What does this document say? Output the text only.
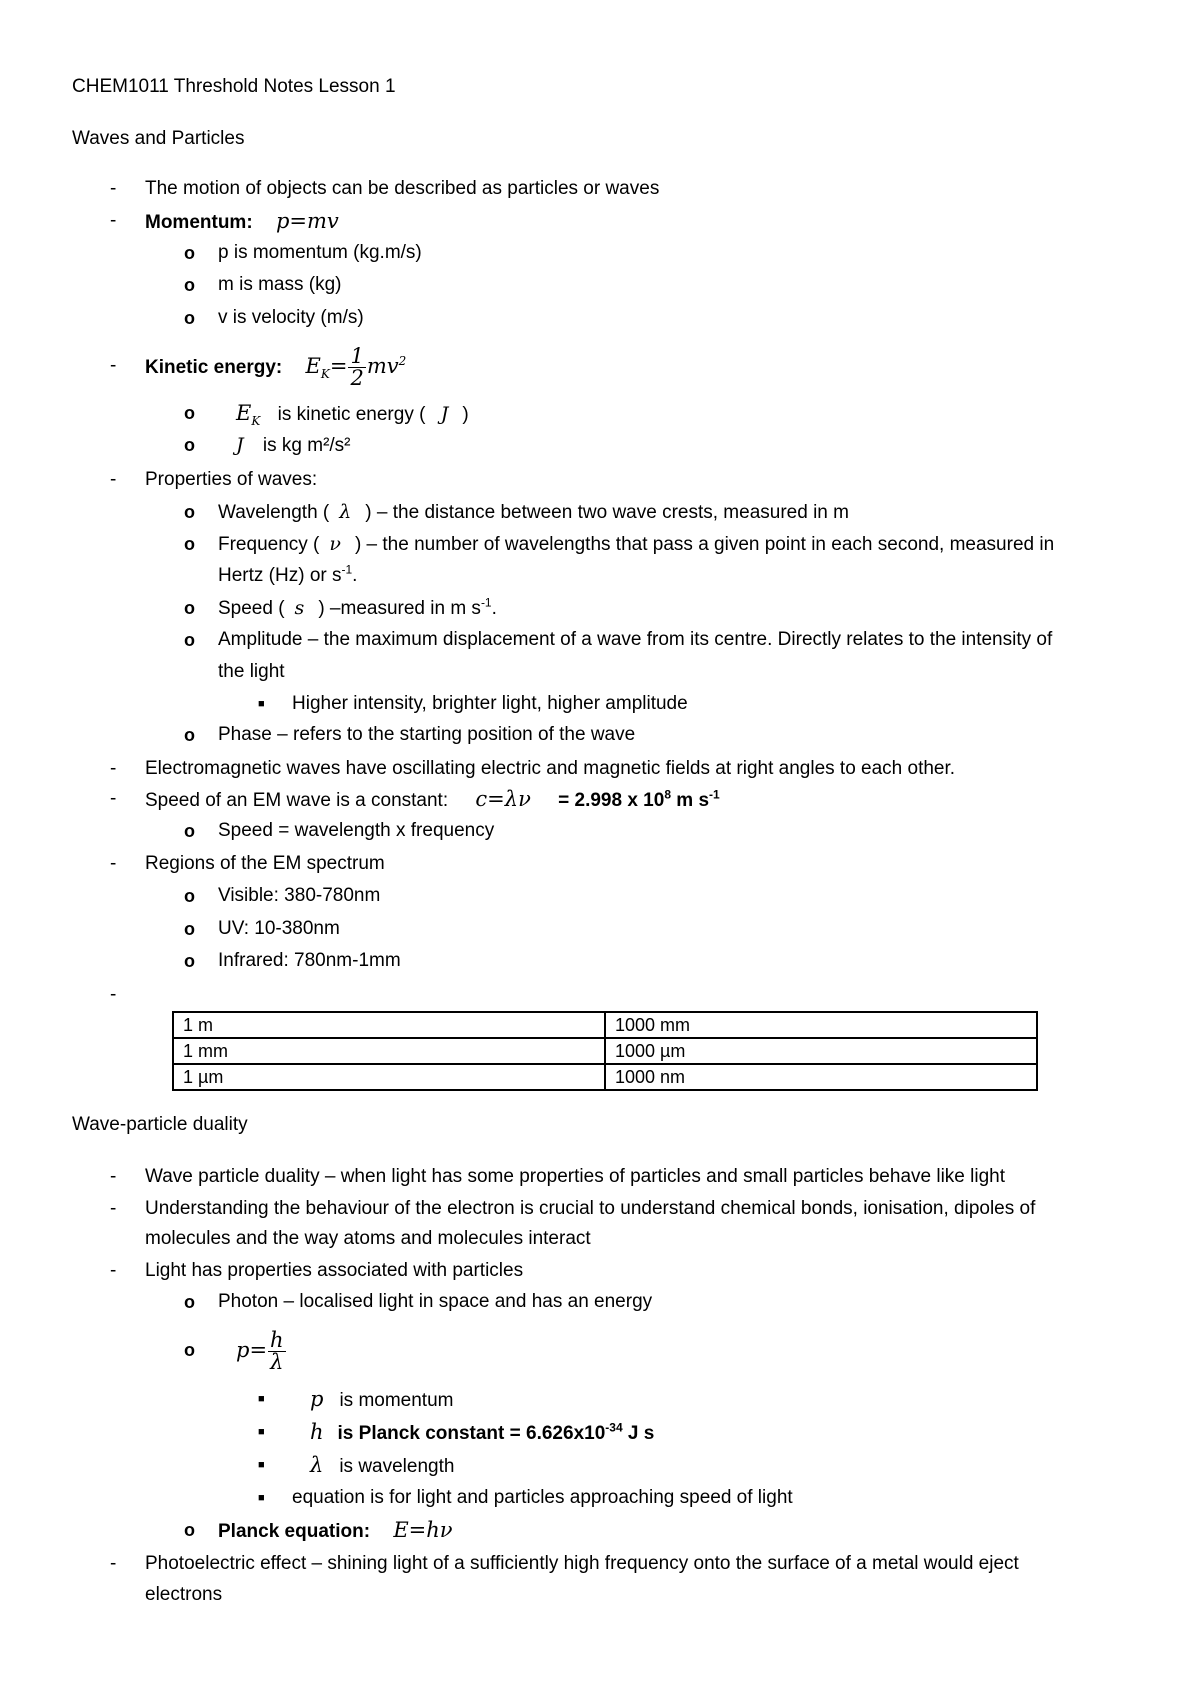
CHEM1011 Threshold Notes Lesson 1
Waves and Particles
- The motion of objects can be described as particles or waves
- Momentum: p=mv
o p is momentum (kg.m/s)
o m is mass (kg)
o v is velocity (m/s)
- Kinetic energy: $E_K= \frac{1}{2} mv^2$
o	$E_K$ is kinetic energy ( J )
o	J is kg m²/s²
- Properties of waves:
o Wavelength ( λ ) – the distance between two wave crests, measured in m
o Frequency ( ν ) – the number of wavelengths that pass a given point in each second, measured in
Hertz (Hz) or $s^{-1}$.
o Speed ( s ) –measured in m $s^{-1}$.
o Amplitude – the maximum displacement of a wave from its centre. Directly relates to the intensity of
the light
■ Higher intensity, brighter light, higher amplitude
o Phase – refers to the starting position of the wave
- Electromagnetic waves have oscillating electric and magnetic fields at right angles to each other.
- Speed of an EM wave is a constant: c=λν = 2.998 x $10^8$ m $s^{-1}$
o Speed = wavelength x frequency
- Regions of the EM spectrum
o Visible: 380-780nm
o UV: 10-380nm
o Infrared: 780nm-1mm
-
1 m	1000 mm
1 mm	1000 µm
1 µm	1000 nm
Wave-particle duality
- Wave particle duality – when light has some properties of particles and small particles behave like light
- Understanding the behaviour of the electron is crucial to understand chemical bonds, ionisation, dipoles of
molecules and the way atoms and molecules interact
- Light has properties associated with particles
o Photon – localised light in space and has an energy
o $p= \frac{h}{\lambda}$
■	p is momentum
■	h is Planck constant = $6.626x10^{-34}$ J s
■	λ is wavelength
■ equation is for light and particles approaching speed of light
o Planck equation: E=hν
- Photoelectric effect – shining light of a sufficiently high frequency onto the surface of a metal would eject
electrons
